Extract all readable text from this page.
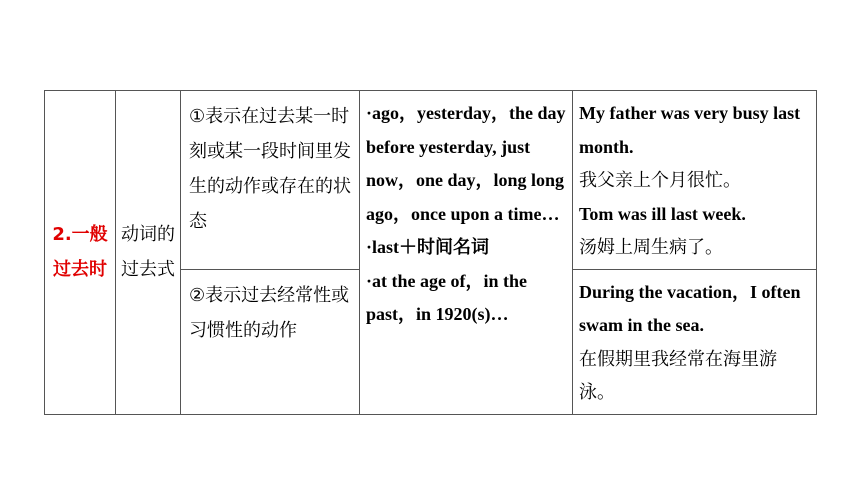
2.一般过去时	动词的过去式	①表示在过去某一时刻或某一段时间里发生的动作或存在的状态	·ago，yesterday，the day before yesterday, just now，one day，long long ago，once upon a time…
·last＋时间名词
·at the age of，in the past，in 1920(s)…	My father was very busy last month.
我父亲上个月很忙。
Tom was ill last week.
汤姆上周生病了。

		②表示过去经常性或习惯性的动作		During the vacation，I often swam in the sea.
在假期里我经常在海里游泳。
